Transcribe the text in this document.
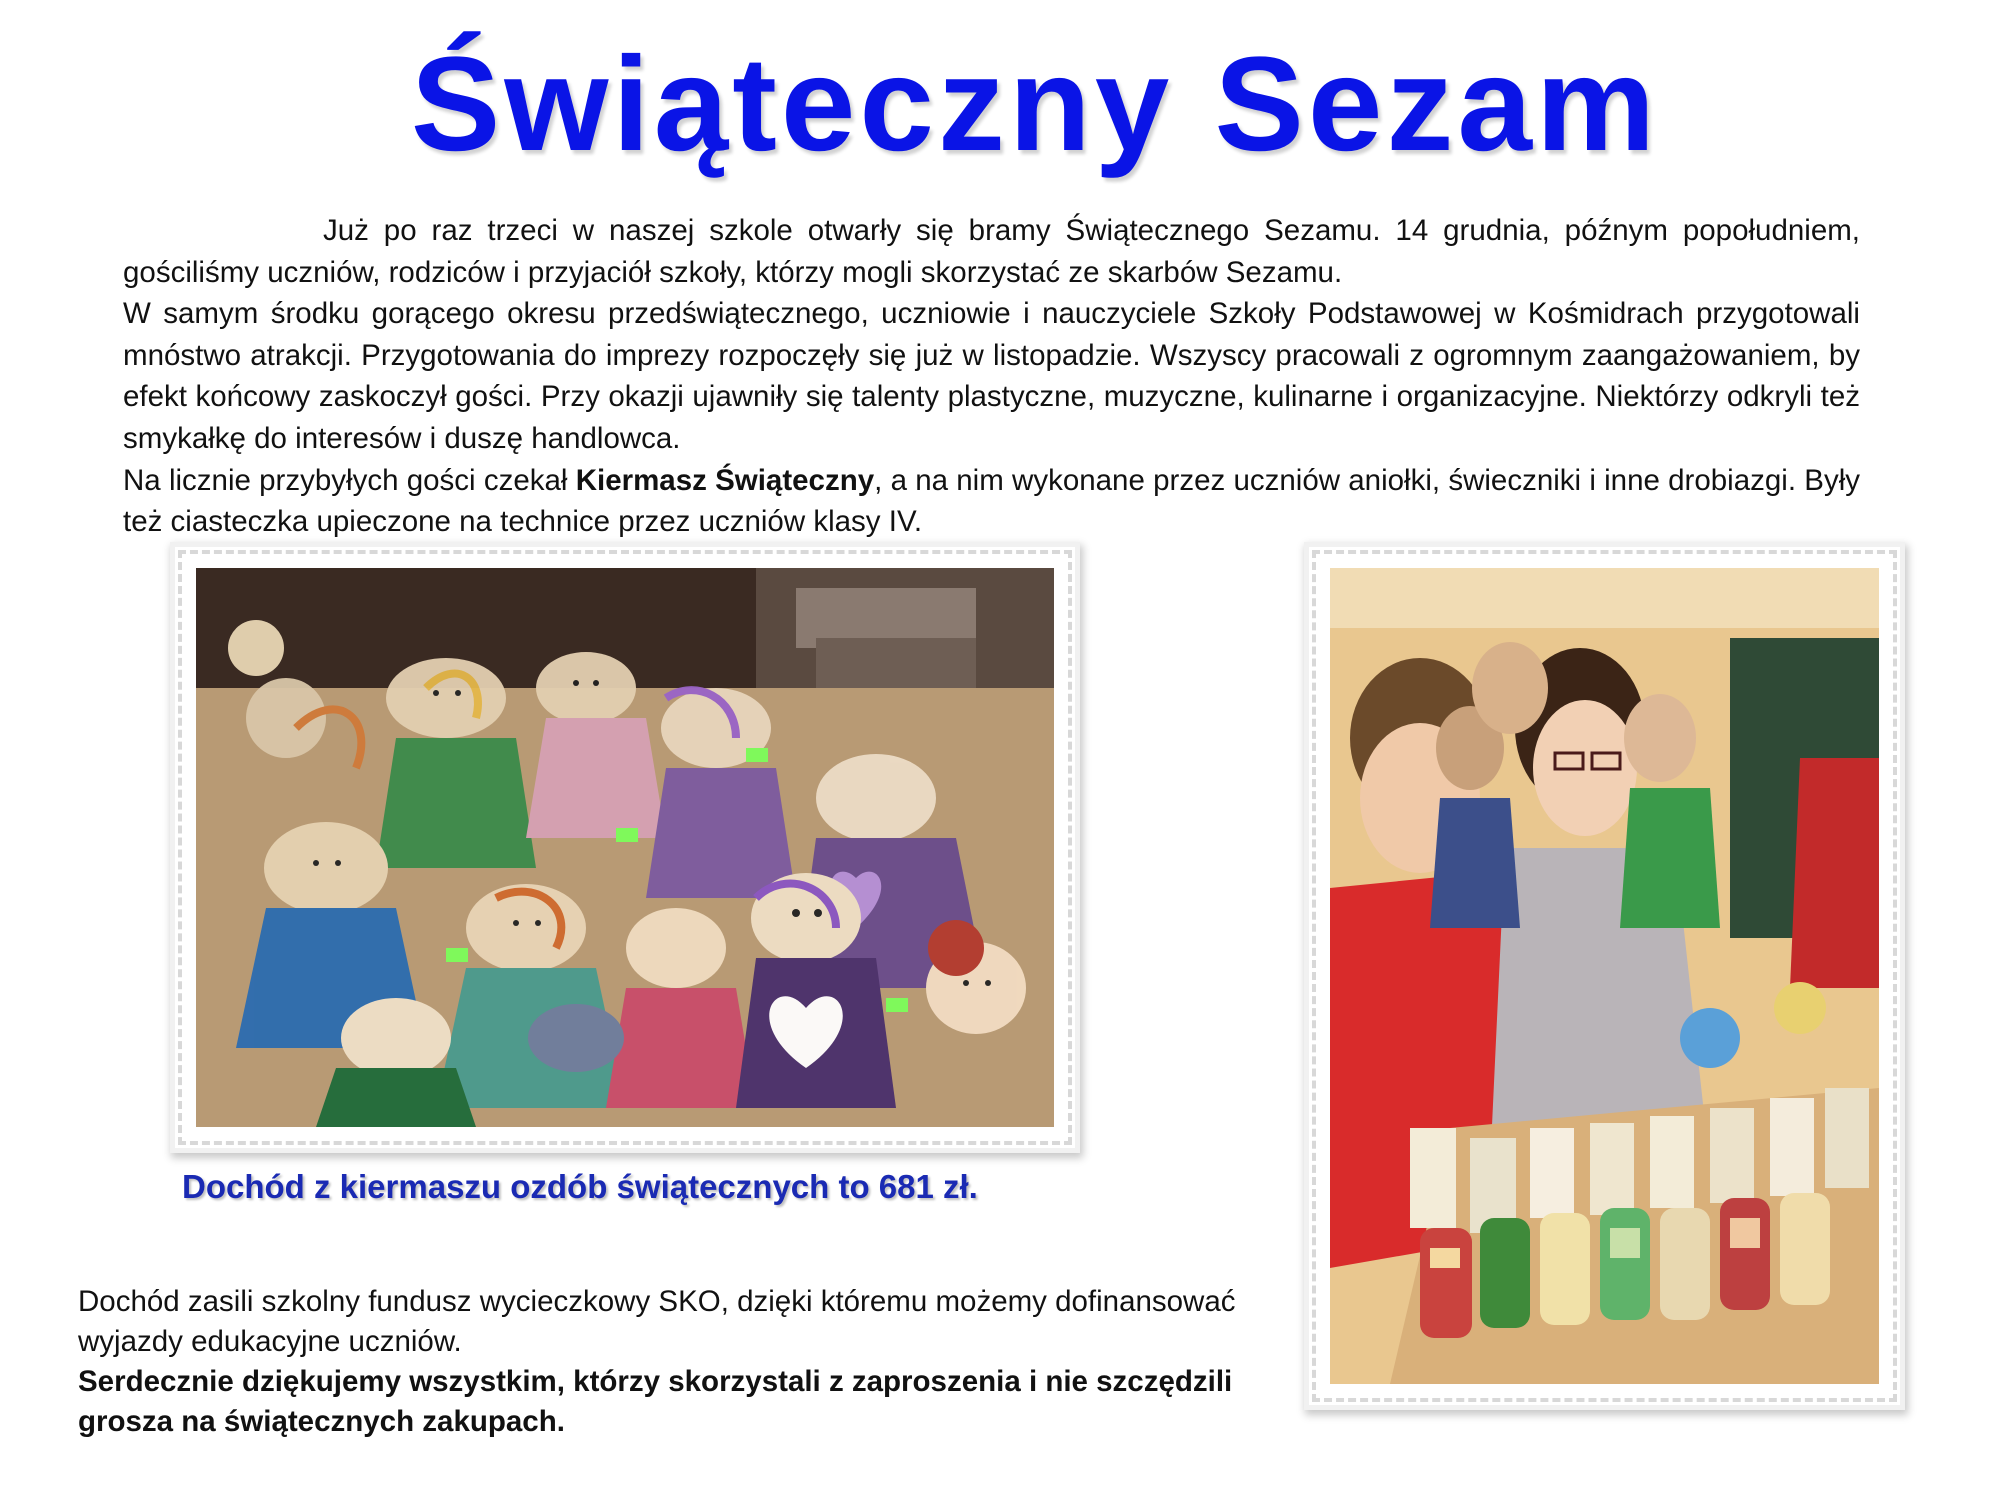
Świąteczny Sezam

Już po raz trzeci w naszej szkole otwarły się bramy Świątecznego Sezamu. 14 grudnia, późnym popołudniem, gościliśmy uczniów, rodziców i przyjaciół szkoły, którzy mogli skorzystać ze skarbów Sezamu.

W samym środku gorącego okresu przedświątecznego, uczniowie i nauczyciele Szkoły Podstawowej w Kośmidrach przygotowali mnóstwo atrakcji. Przygotowania do imprezy rozpoczęły się już w listopadzie. Wszyscy pracowali z ogromnym zaangażowaniem, by efekt końcowy zaskoczył gości. Przy okazji ujawniły się talenty plastyczne, muzyczne, kulinarne i organizacyjne. Niektórzy odkryli też smykałkę do interesów i duszę handlowca.

Na licznie przybyłych gości czekał Kiermasz Świąteczny, a na nim wykonane przez uczniów aniołki, świeczniki i inne drobiazgi. Były też ciasteczka upieczone na technice przez uczniów klasy IV.

Dochód z kiermaszu ozdób świątecznych to 681 zł.

Dochód zasili szkolny fundusz wycieczkowy SKO, dzięki któremu możemy dofinansować wyjazdy edukacyjne uczniów.

Serdecznie dziękujemy wszystkim, którzy skorzystali z zaproszenia i nie szczędzili grosza na świątecznych zakupach.
